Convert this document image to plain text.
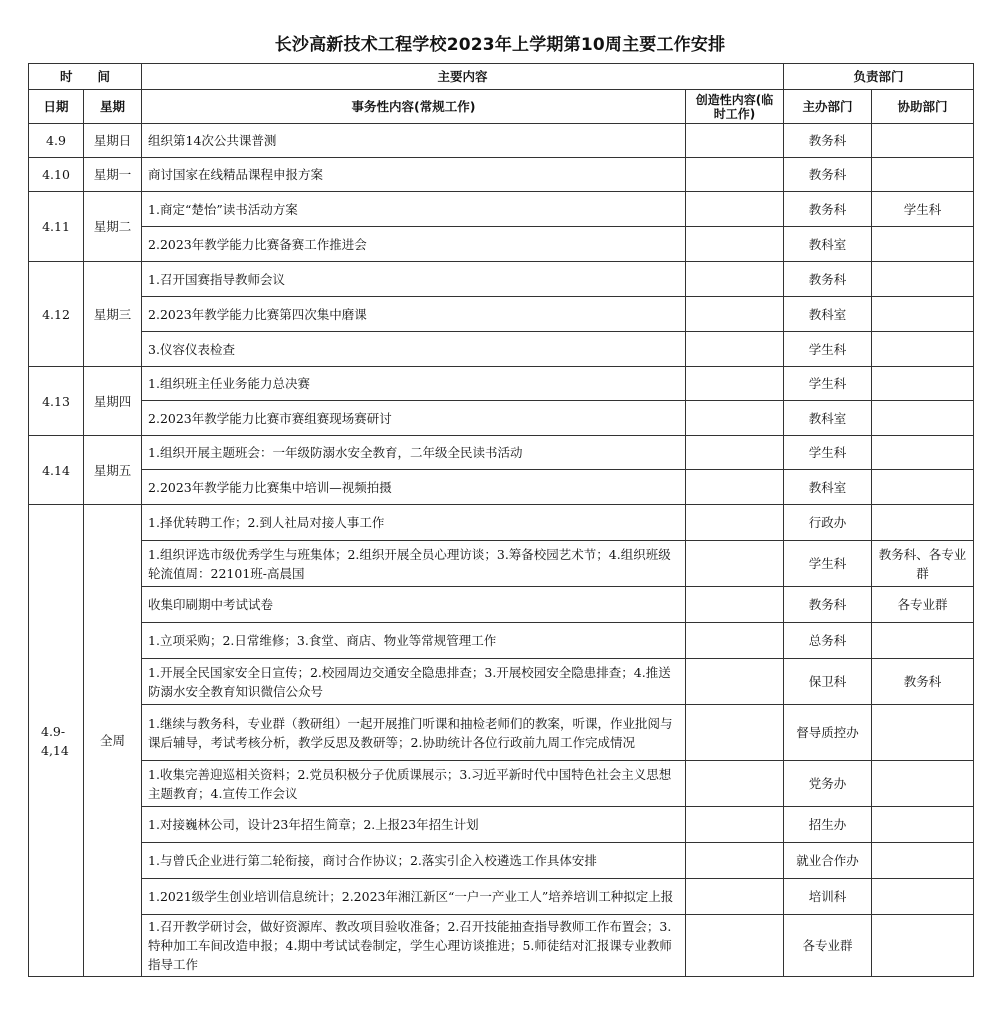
长沙高新技术工程学校2023年上学期第10周主要工作安排
时　　间		主要内容		负责部门	
日期	星期	事务性内容(常规工作)	创造性内容(临时工作)	主办部门	协助部门
4.9	星期日	组织第14次公共课普测		教务科	
4.10	星期一	商讨国家在线精品课程申报方案		教务科	
4.11	星期二	1.商定“楚怡”读书活动方案		教务科	学生科
		2.2023年教学能力比赛备赛工作推进会		教科室	
4.12	星期三	1.召开国赛指导教师会议		教务科	
		2.2023年教学能力比赛第四次集中磨课		教科室	
		3.仪容仪表检查		学生科	
4.13	星期四	1.组织班主任业务能力总决赛		学生科	
		2.2023年教学能力比赛市赛组赛现场赛研讨		教科室	
4.14	星期五	1.组织开展主题班会：一年级防溺水安全教育，二年级全民读书活动		学生科	
		2.2023年教学能力比赛集中培训—视频拍摄		教科室	
4.9-4,14	全周	1.择优转聘工作；2.到人社局对接人事工作		行政办	
		1.组织评选市级优秀学生与班集体；2.组织开展全员心理访谈；3.筹备校园艺术节；4.组织班级轮流值周：22101班-高晨国		学生科	教务科、各专业群
		收集印刷期中考试试卷		教务科	各专业群
		1.立项采购；2.日常维修；3.食堂、商店、物业等常规管理工作		总务科	
		1.开展全民国家安全日宣传；2.校园周边交通安全隐患排查；3.开展校园安全隐患排查；4.推送防溺水安全教育知识微信公众号		保卫科	教务科
		1.继续与教务科，专业群（教研组）一起开展推门听课和抽检老师们的教案，听课，作业批阅与课后辅导，考试考核分析，教学反思及教研等；2.协助统计各位行政前九周工作完成情况		督导质控办	
		1.收集完善迎巡相关资料；2.党员积极分子优质课展示；3.习近平新时代中国特色社会主义思想主题教育；4.宣传工作会议		党务办	
		1.对接巍林公司，设计23年招生简章；2.上报23年招生计划		招生办	
		1.与曾氏企业进行第二轮衔接，商讨合作协议；2.落实引企入校遴选工作具体安排		就业合作办	
		1.2021级学生创业培训信息统计；2.2023年湘江新区“一户一产业工人”培养培训工种拟定上报		培训科	
		1.召开教学研讨会，做好资源库、教改项目验收准备；2.召开技能抽查指导教师工作布置会；3.特种加工车间改造申报；4.期中考试试卷制定，学生心理访谈推进；5.师徒结对汇报课专业教师指导工作		各专业群	
